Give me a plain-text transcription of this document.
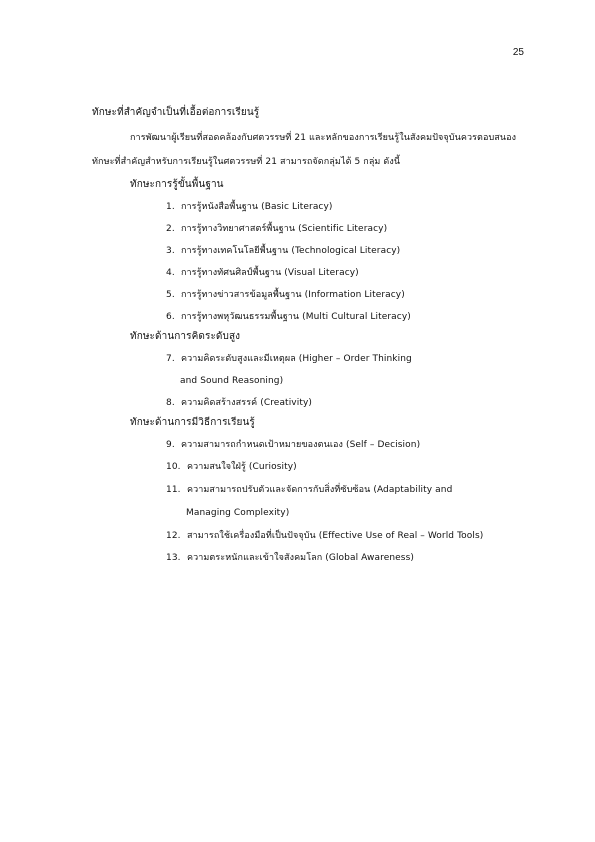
25
ทักษะที่สำคัญจำเป็นที่เอื้อต่อการเรียนรู้
การพัฒนาผู้เรียนที่สอดคล้องกับศตวรรษที่ 21 และหลักของการเรียนรู้ในสังคมปัจจุบันควรตอบสนอง
ทักษะที่สำคัญสำหรับการเรียนรู้ในศตวรรษที่ 21 สามารถจัดกลุ่มได้ 5 กลุ่ม ดังนี้
ทักษะการรู้ขั้นพื้นฐาน
1. การรู้หนังสือพื้นฐาน (Basic Literacy)
2. การรู้ทางวิทยาศาสตร์พื้นฐาน (Scientific Literacy)
3. การรู้ทางเทคโนโลยีพื้นฐาน (Technological Literacy)
4. การรู้ทางทัศนศิลป์พื้นฐาน (Visual Literacy)
5. การรู้ทางข่าวสารข้อมูลพื้นฐาน (Information Literacy)
6. การรู้ทางพหุวัฒนธรรมพื้นฐาน (Multi Cultural Literacy)
ทักษะด้านการคิดระดับสูง
7. ความคิดระดับสูงและมีเหตุผล (Higher – Order Thinking
and Sound Reasoning)
8. ความคิดสร้างสรรค์ (Creativity)
ทักษะด้านการมีวิธีการเรียนรู้
9. ความสามารถกำหนดเป้าหมายของตนเอง (Self – Decision)
10. ความสนใจใฝ่รู้ (Curiosity)
11. ความสามารถปรับตัวและจัดการกับสิ่งที่ซับซ้อน (Adaptability and
Managing Complexity)
12. สามารถใช้เครื่องมือที่เป็นปัจจุบัน (Effective Use of Real – World Tools)
13. ความตระหนักและเข้าใจสังคมโลก (Global Awareness)
